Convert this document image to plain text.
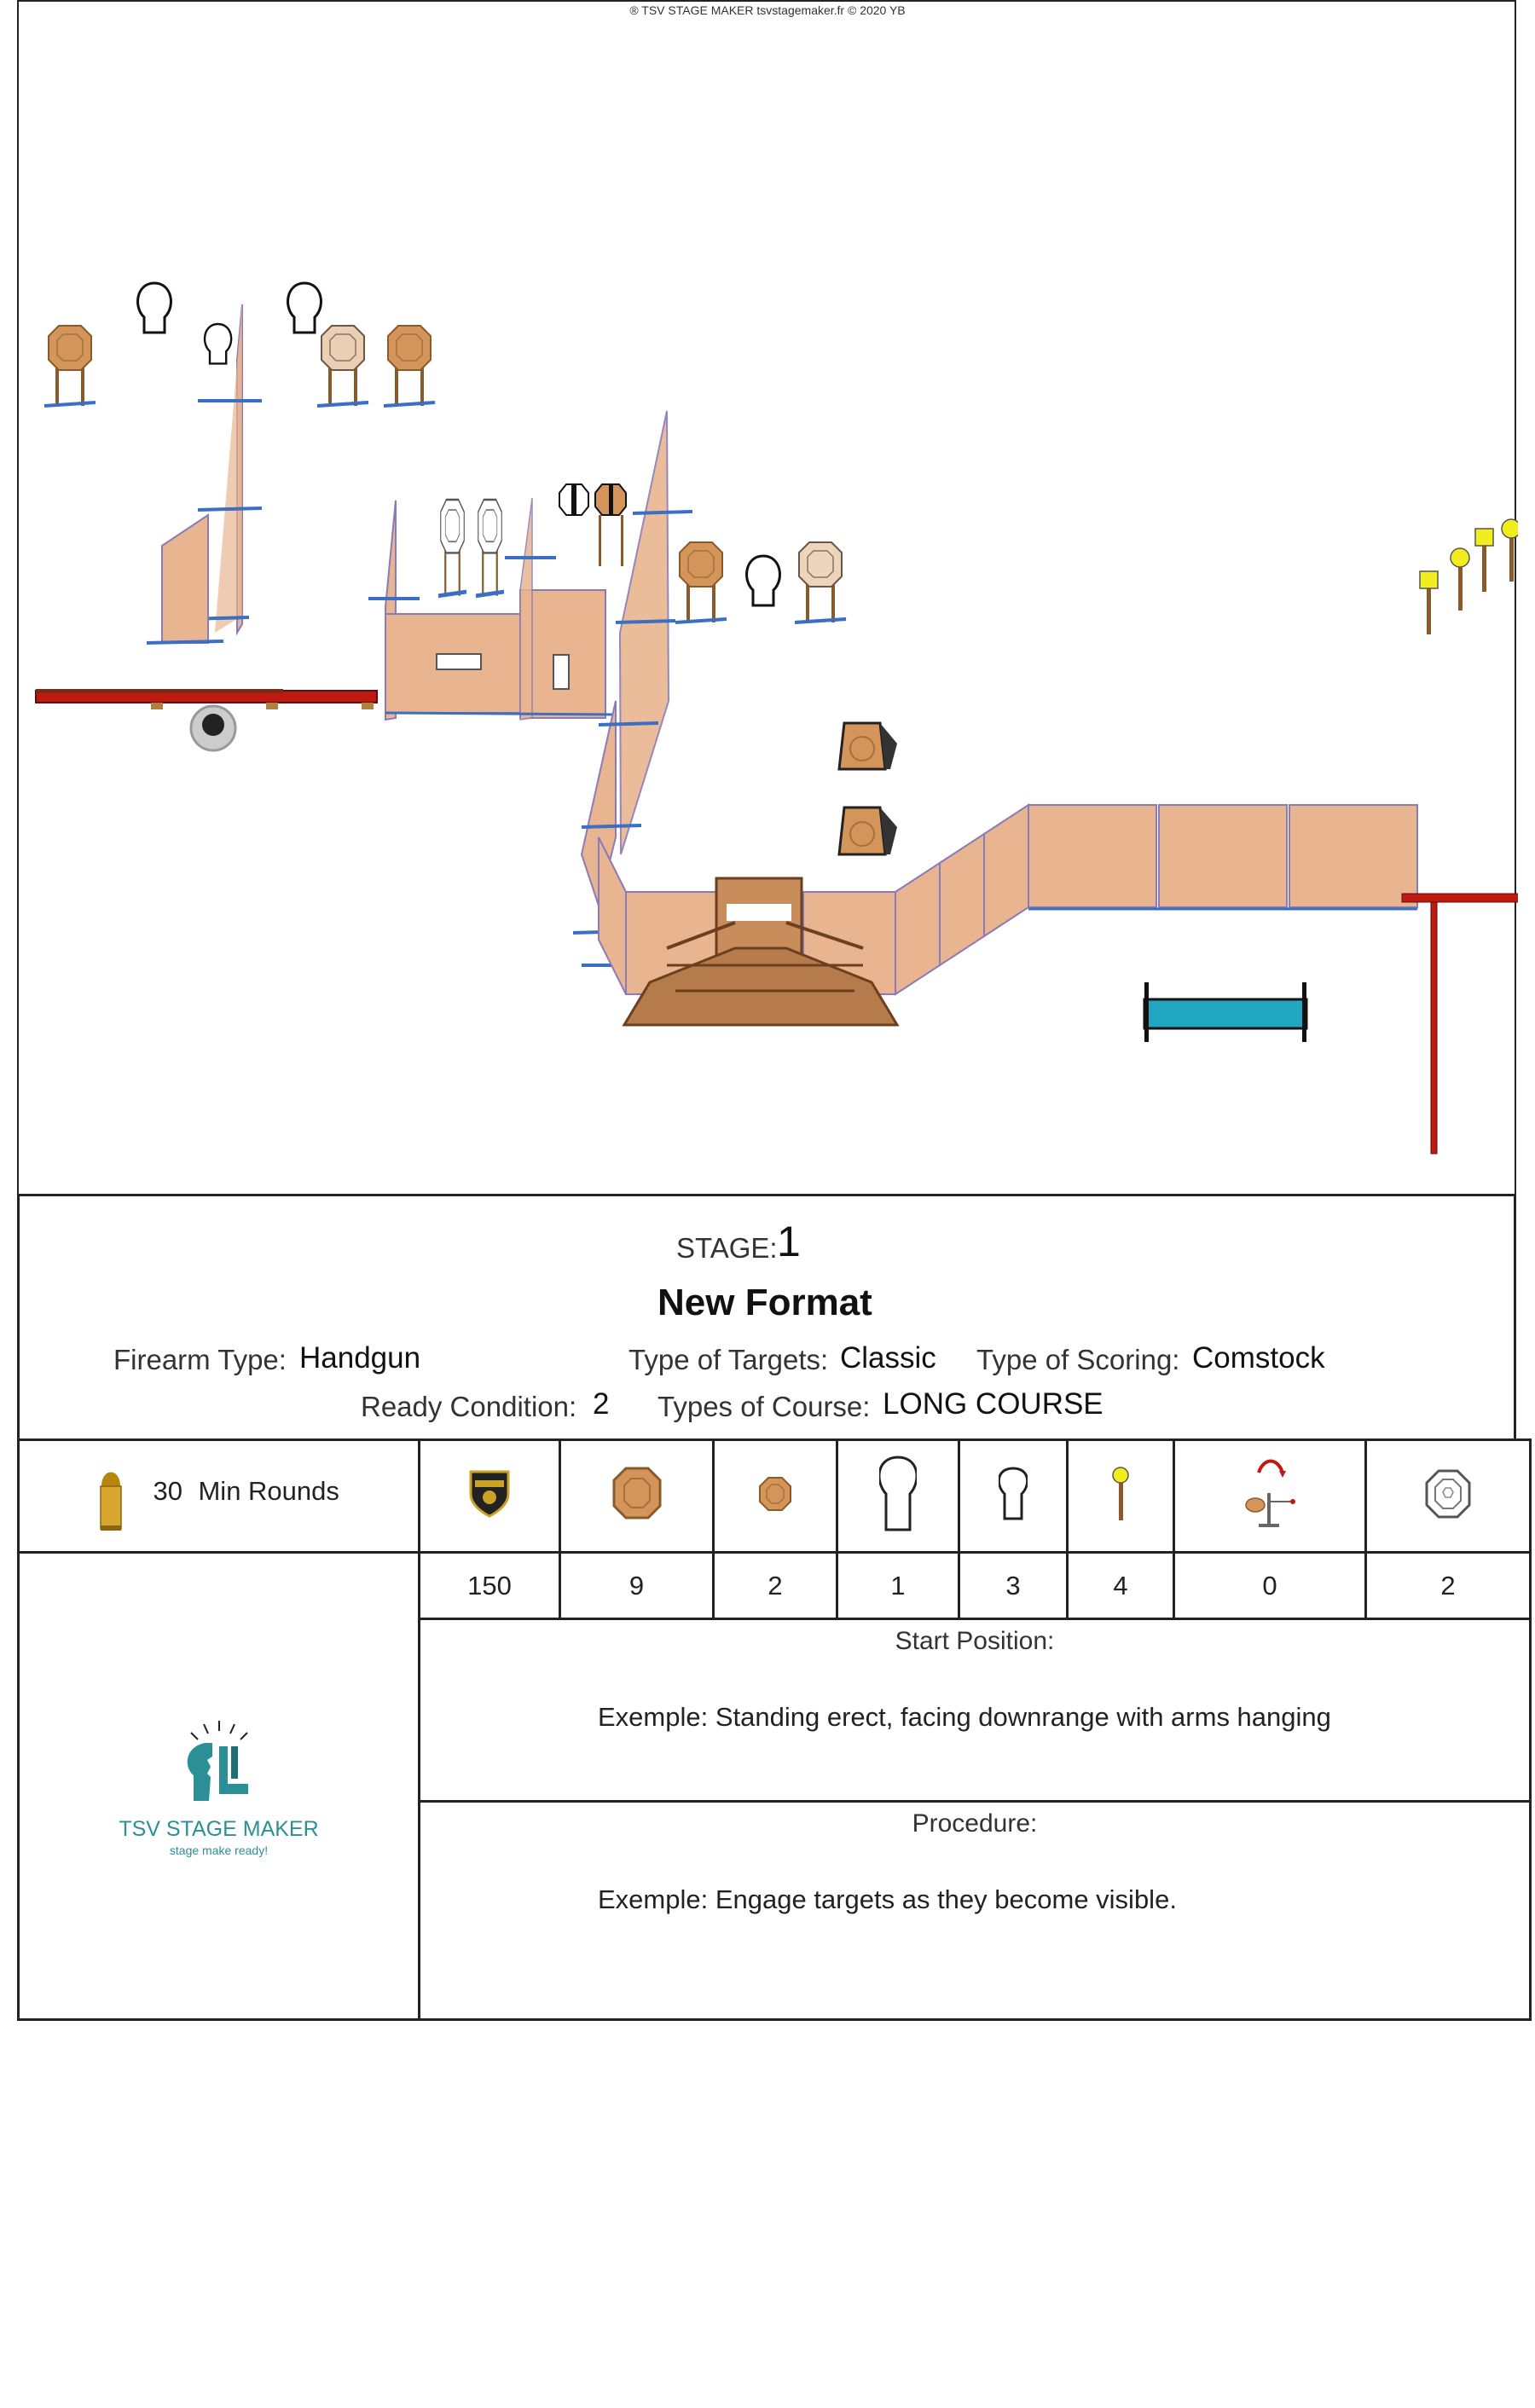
® TSV STAGE MAKER tsvstagemaker.fr © 2020 YB
STAGE: 1
New Format
Firearm Type: Handgun	Type of Targets: Classic Type of Scoring: Comstock
Ready Condition: 2 Types of Course: LONG COURSE
30 Min Rounds								

TSV STAGE MAKER
stage make ready!	150	9	2	1	3	4	0	2

	Start Position:
Exemple: Standing erect, facing downrange with arms hanging							

	Procedure:
Exemple: Engage targets as they become visible.							
